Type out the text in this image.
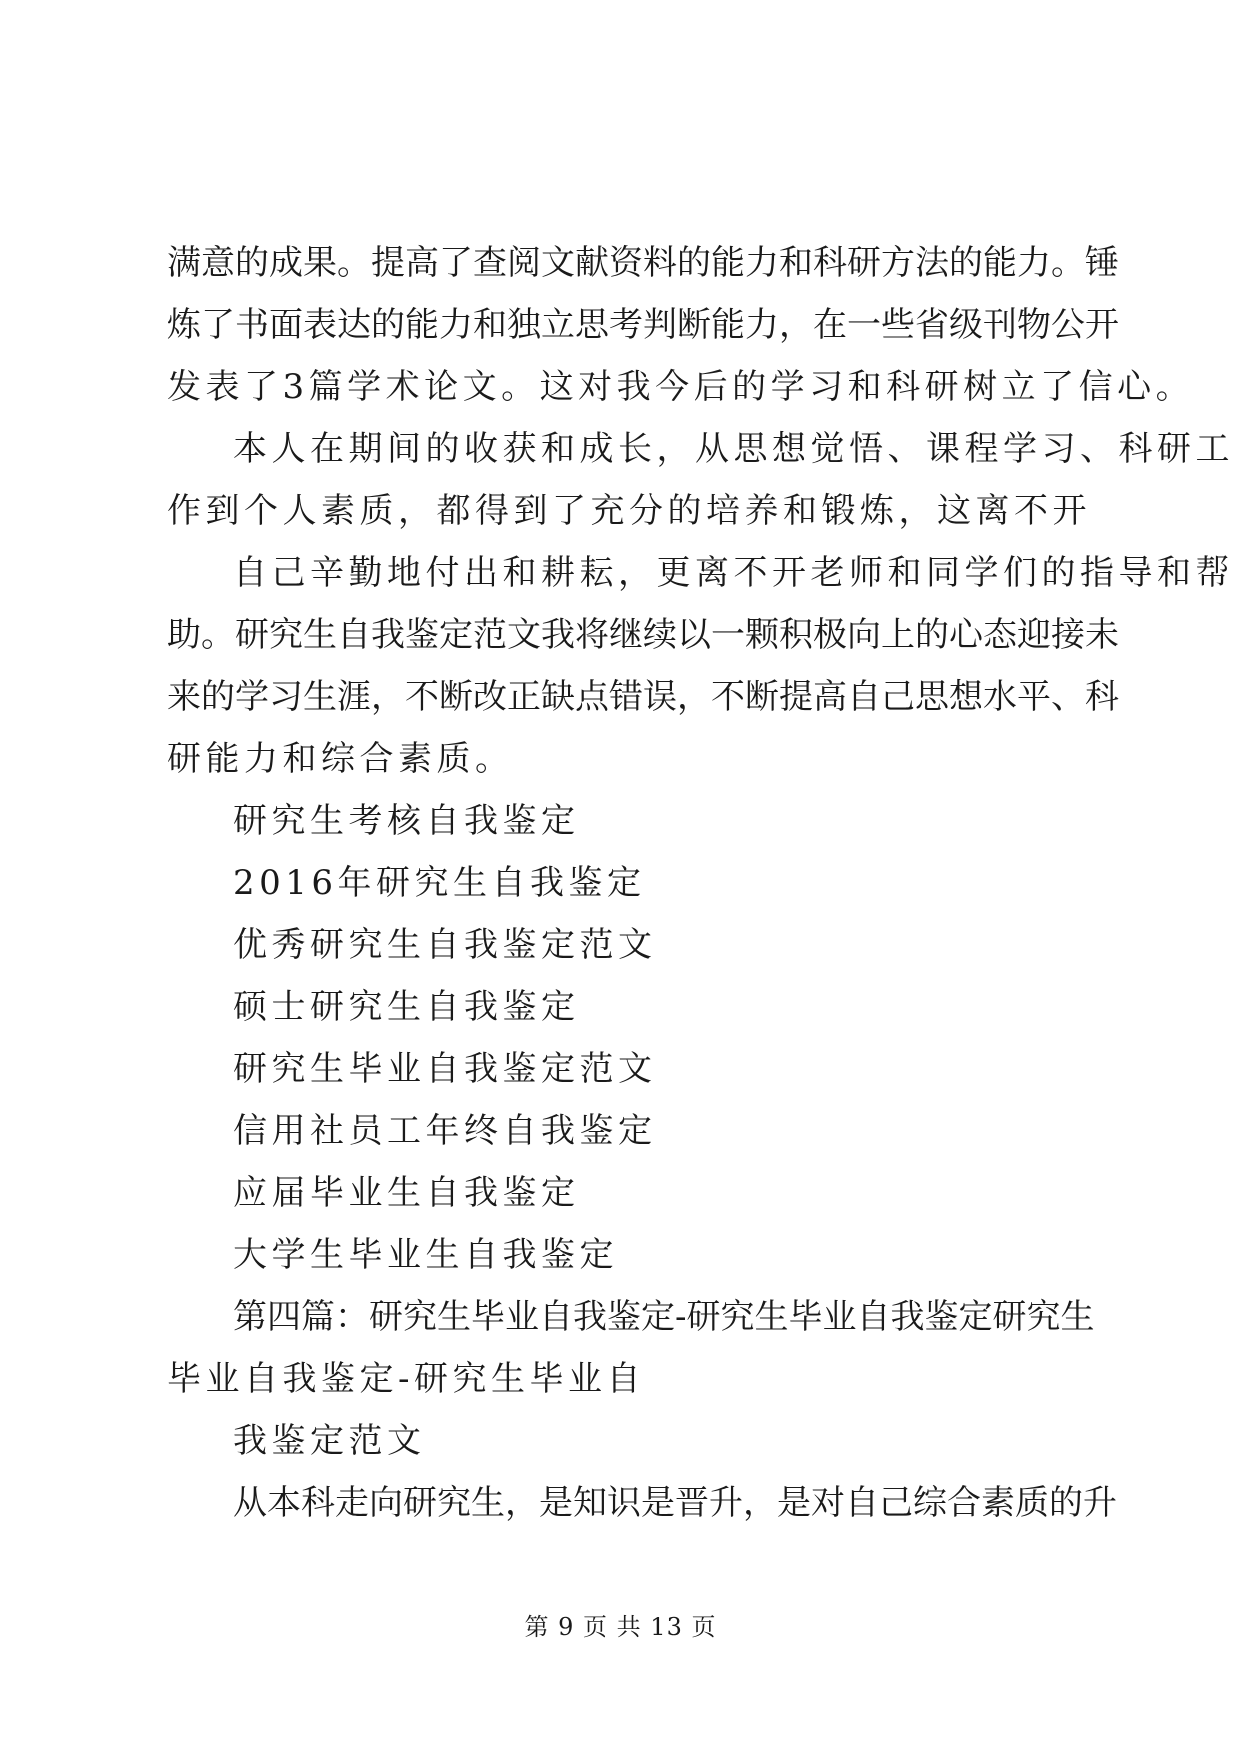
满意的成果。提高了查阅文献资料的能力和科研方法的能力。锤
炼了书面表达的能力和独立思考判断能力，在一些省级刊物公开
发表了3篇学术论文。这对我今后的学习和科研树立了信心。
本人在期间的收获和成长，从思想觉悟、课程学习、科研工
作到个人素质，都得到了充分的培养和锻炼，这离不开
自己辛勤地付出和耕耘，更离不开老师和同学们的指导和帮
助。研究生自我鉴定范文我将继续以一颗积极向上的心态迎接未
来的学习生涯，不断改正缺点错误，不断提高自己思想水平、科
研能力和综合素质。
研究生考核自我鉴定
2016年研究生自我鉴定
优秀研究生自我鉴定范文
硕士研究生自我鉴定
研究生毕业自我鉴定范文
信用社员工年终自我鉴定
应届毕业生自我鉴定
大学生毕业生自我鉴定
第四篇：研究生毕业自我鉴定-研究生毕业自我鉴定研究生
毕业自我鉴定-研究生毕业自
我鉴定范文
从本科走向研究生，是知识是晋升，是对自己综合素质的升
第 9 页 共 13 页
